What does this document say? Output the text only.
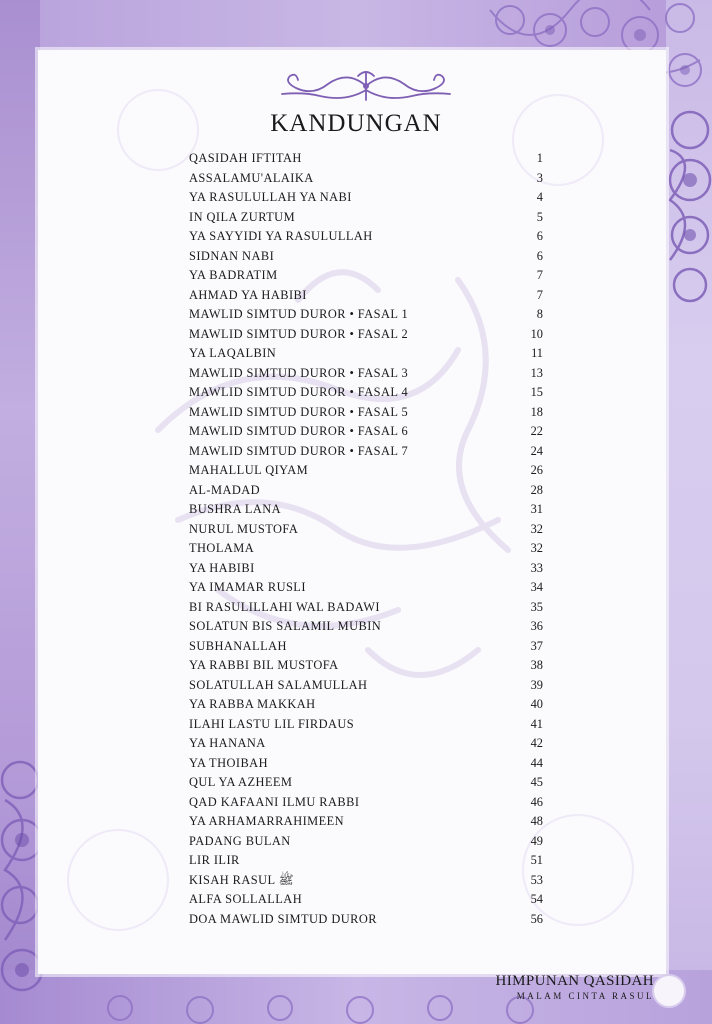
KANDUNGAN
QASIDAH IFTITAH	1
ASSALAMU'ALAIKA	3
YA RASULULLAH YA NABI	4
IN QILA ZURTUM	5
YA SAYYIDI YA RASULULLAH	6
SIDNAN NABI	6
YA BADRATIM	7
AHMAD YA HABIBI	7
MAWLID SIMTUD DUROR • FASAL 1	8
MAWLID SIMTUD DUROR • FASAL 2	10
YA LAQALBIN	11
MAWLID SIMTUD DUROR • FASAL 3	13
MAWLID SIMTUD DUROR • FASAL 4	15
MAWLID SIMTUD DUROR • FASAL 5	18
MAWLID SIMTUD DUROR • FASAL 6	22
MAWLID SIMTUD DUROR • FASAL 7	24
MAHALLUL QIYAM	26
AL-MADAD	28
BUSHRA LANA	31
NURUL MUSTOFA	32
THOLAMA	32
YA HABIBI	33
YA IMAMAR RUSLI	34
BI RASULILLAHI WAL BADAWI	35
SOLATUN BIS SALAMIL MUBIN	36
SUBHANALLAH	37
YA RABBI BIL MUSTOFA	38
SOLATULLAH SALAMULLAH	39
YA RABBA MAKKAH	40
ILAHI LASTU LIL FIRDAUS	41
YA HANANA	42
YA THOIBAH	44
QUL YA AZHEEM	45
QAD KAFAANI ILMU RABBI	46
YA ARHAMARRAHIMEEN	48
PADANG BULAN	49
LIR ILIR	51
KISAH RASUL ﷺ	53
ALFA SOLLALLAH	54
DOA MAWLID SIMTUD DUROR	56
HIMPUNAN QASIDAH
MALAM CINTA RASUL
